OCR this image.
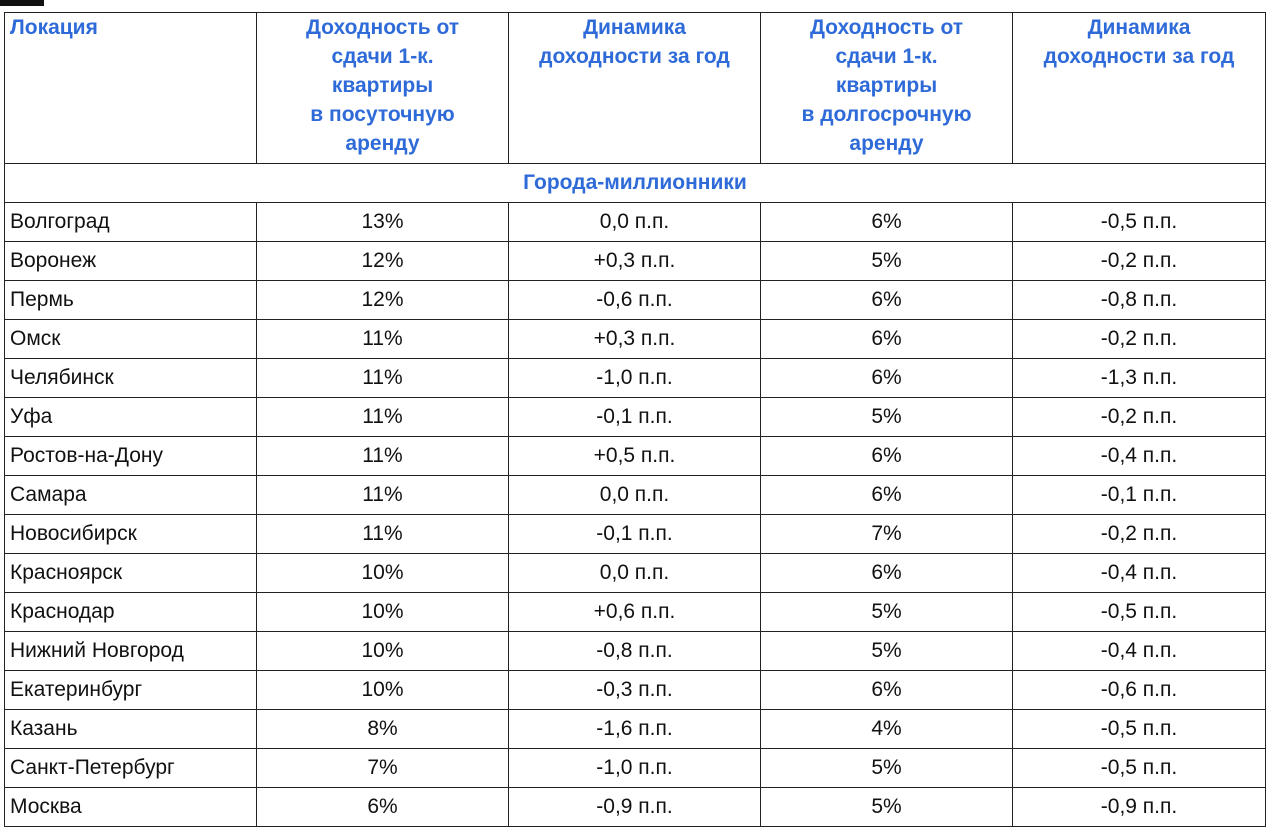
Локация	Доходность от
сдачи 1-к.
квартиры
в посуточную
аренду	Динамика
доходности за год	Доходность от
сдачи 1-к.
квартиры
в долгосрочную
аренду	Динамика
доходности за год

Города-миллионники				
Волгоград	13%	0,0 п.п.	6%	-0,5 п.п.
Воронеж	12%	+0,3 п.п.	5%	-0,2 п.п.
Пермь	12%	-0,6 п.п.	6%	-0,8 п.п.
Омск	11%	+0,3 п.п.	6%	-0,2 п.п.
Челябинск	11%	-1,0 п.п.	6%	-1,3 п.п.
Уфа	11%	-0,1 п.п.	5%	-0,2 п.п.
Ростов-на-Дону	11%	+0,5 п.п.	6%	-0,4 п.п.
Самара	11%	0,0 п.п.	6%	-0,1 п.п.
Новосибирск	11%	-0,1 п.п.	7%	-0,2 п.п.
Красноярск	10%	0,0 п.п.	6%	-0,4 п.п.
Краснодар	10%	+0,6 п.п.	5%	-0,5 п.п.
Нижний Новгород	10%	-0,8 п.п.	5%	-0,4 п.п.
Екатеринбург	10%	-0,3 п.п.	6%	-0,6 п.п.
Казань	8%	-1,6 п.п.	4%	-0,5 п.п.
Санкт-Петербург	7%	-1,0 п.п.	5%	-0,5 п.п.
Москва	6%	-0,9 п.п.	5%	-0,9 п.п.
